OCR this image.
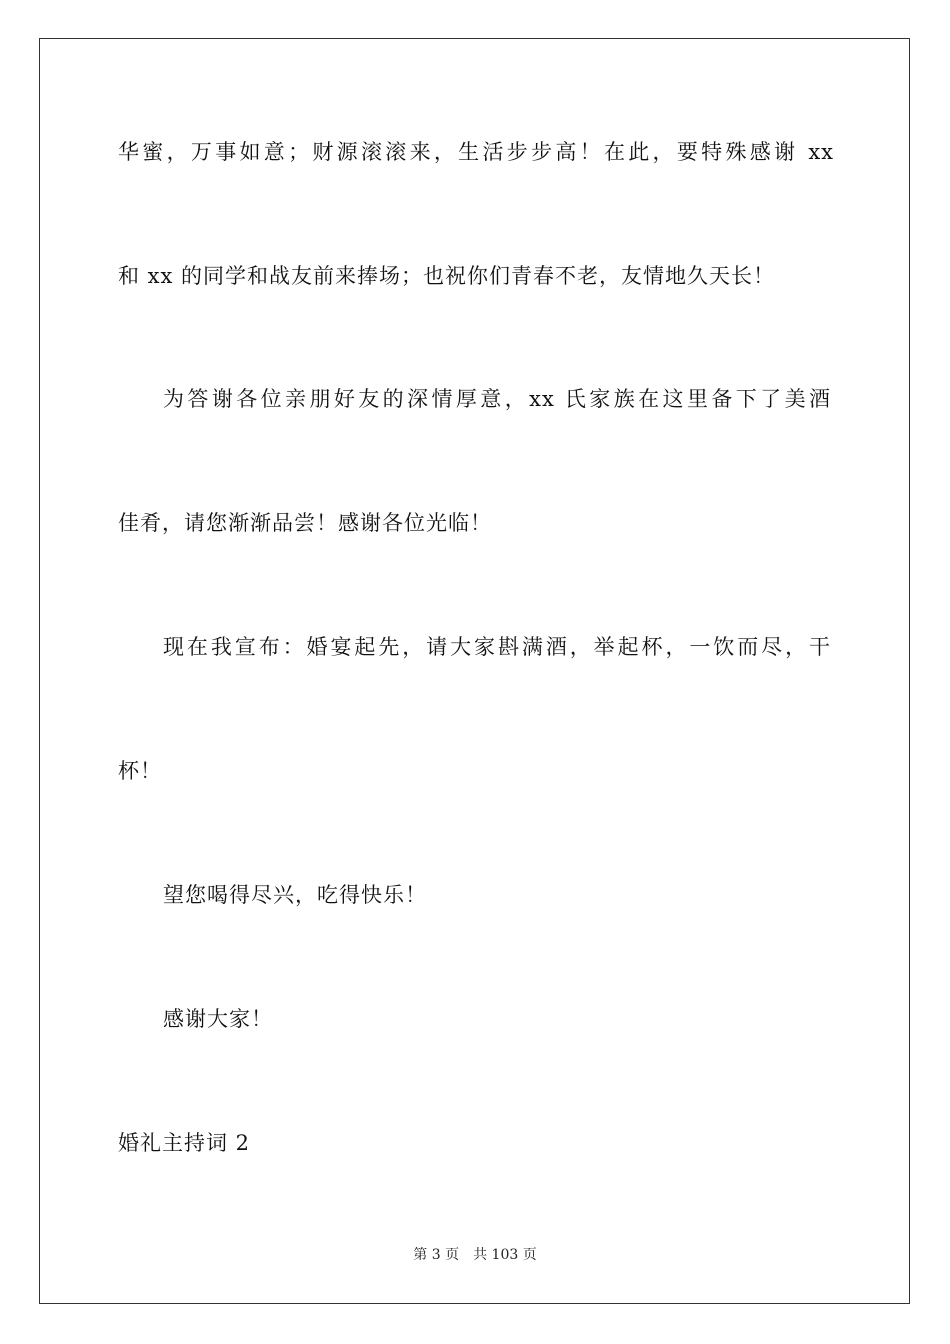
华蜜，万事如意；财源滚滚来，生活步步高！在此，要特殊感谢 xx
和 xx 的同学和战友前来捧场；也祝你们青春不老，友情地久天长！
为答谢各位亲朋好友的深情厚意，xx 氏家族在这里备下了美酒
佳肴，请您渐渐品尝！感谢各位光临！
现在我宣布：婚宴起先，请大家斟满酒，举起杯，一饮而尽，干
杯！
望您喝得尽兴，吃得快乐！
感谢大家！
婚礼主持词 2
第 3 页 共 103 页
